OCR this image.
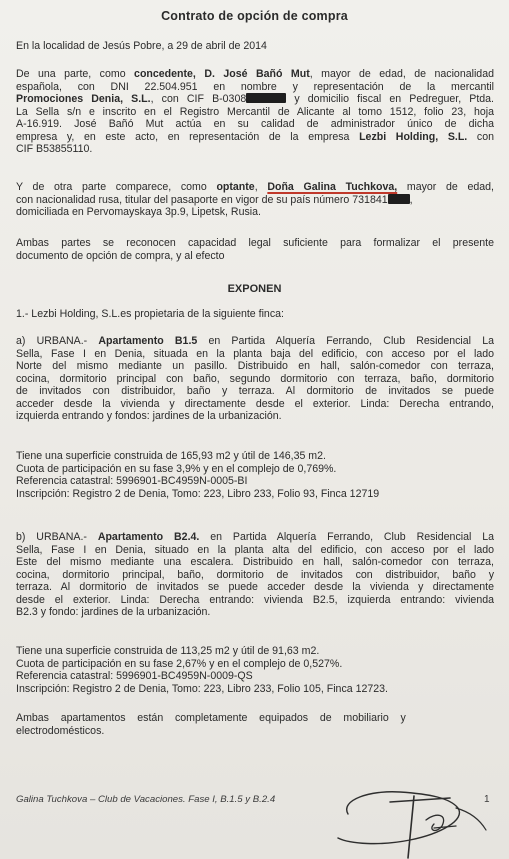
Contrato de opción de compra
En la localidad de Jesús Pobre, a 29 de abril de 2014
De una parte, como concedente, D. José Bañó Mut, mayor de edad, de nacionalidad
española, con DNI 22.504.951 en nombre y representación de la mercantil
Promociones Denia, S.L., con CIF B-0308	y domicilio fiscal en Pedreguer, Ptda.
La Sella s/n e inscrito en el Registro Mercantil de Alicante al tomo 1512, folio 23, hoja
A-16.919. José Bañó Mut actúa en su calidad de administrador único de dicha
empresa y, en este acto, en representación de la empresa Lezbi Holding, S.L. con
CIF B53855110.
Y de otra parte comparece, como optante, Doña Galina Tuchkova, mayor de edad,
con nacionalidad rusa, titular del pasaporte en vigor de su país número 731841 ,
domiciliada en Pervomayskaya 3p.9, Lipetsk, Rusia.
Ambas partes se reconocen capacidad legal suficiente para formalizar el presente
documento de opción de compra, y al efecto
EXPONEN
1.- Lezbi Holding, S.L.es propietaria de la siguiente finca:
a) URBANA.- Apartamento B1.5 en Partida Alquería Ferrando, Club Residencial La
Sella, Fase I en Denia, situada en la planta baja del edificio, con acceso por el lado
Norte del mismo mediante un pasillo. Distribuido en hall, salón-comedor con terraza,
cocina, dormitorio principal con baño, segundo dormitorio con terraza, baño, dormitorio
de invitados con distribuidor, baño y terraza. Al dormitorio de invitados se puede
acceder desde la vivienda y directamente desde el exterior. Linda: Derecha entrando,
izquierda entrando y fondos: jardines de la urbanización.
Tiene una superficie construida de 165,93 m2 y útil de 146,35 m2.
Cuota de participación en su fase 3,9% y en el complejo de 0,769%.
Referencia catastral: 5996901-BC4959N-0005-BI
Inscripción: Registro 2 de Denia, Tomo: 223, Libro 233, Folio 93, Finca 12719
b) URBANA.- Apartamento B2.4. en Partida Alquería Ferrando, Club Residencial La
Sella, Fase I en Denia, situado en la planta alta del edificio, con acceso por el lado
Este del mismo mediante una escalera. Distribuido en hall, salón-comedor con terraza,
cocina, dormitorio principal, baño, dormitorio de invitados con distribuidor, baño y
terraza. Al dormitorio de invitados se puede acceder desde la vivienda y directamente
desde el exterior. Linda: Derecha entrando: vivienda B2.5, izquierda entrando: vivienda
B2.3 y fondo: jardines de la urbanización.
Tiene una superficie construida de 113,25 m2 y útil de 91,63 m2.
Cuota de participación en su fase 2,67% y en el complejo de 0,527%.
Referencia catastral: 5996901-BC4959N-0009-QS
Inscripción: Registro 2 de Denia, Tomo: 223, Libro 233, Folio 105, Finca 12723.
Ambas    apartamentos    están    completamente    equipados    de    mobiliario    y
electrodomésticos.
Galina Tuchkova – Club de Vacaciones. Fase I, B.1.5 y B.2.4	1
